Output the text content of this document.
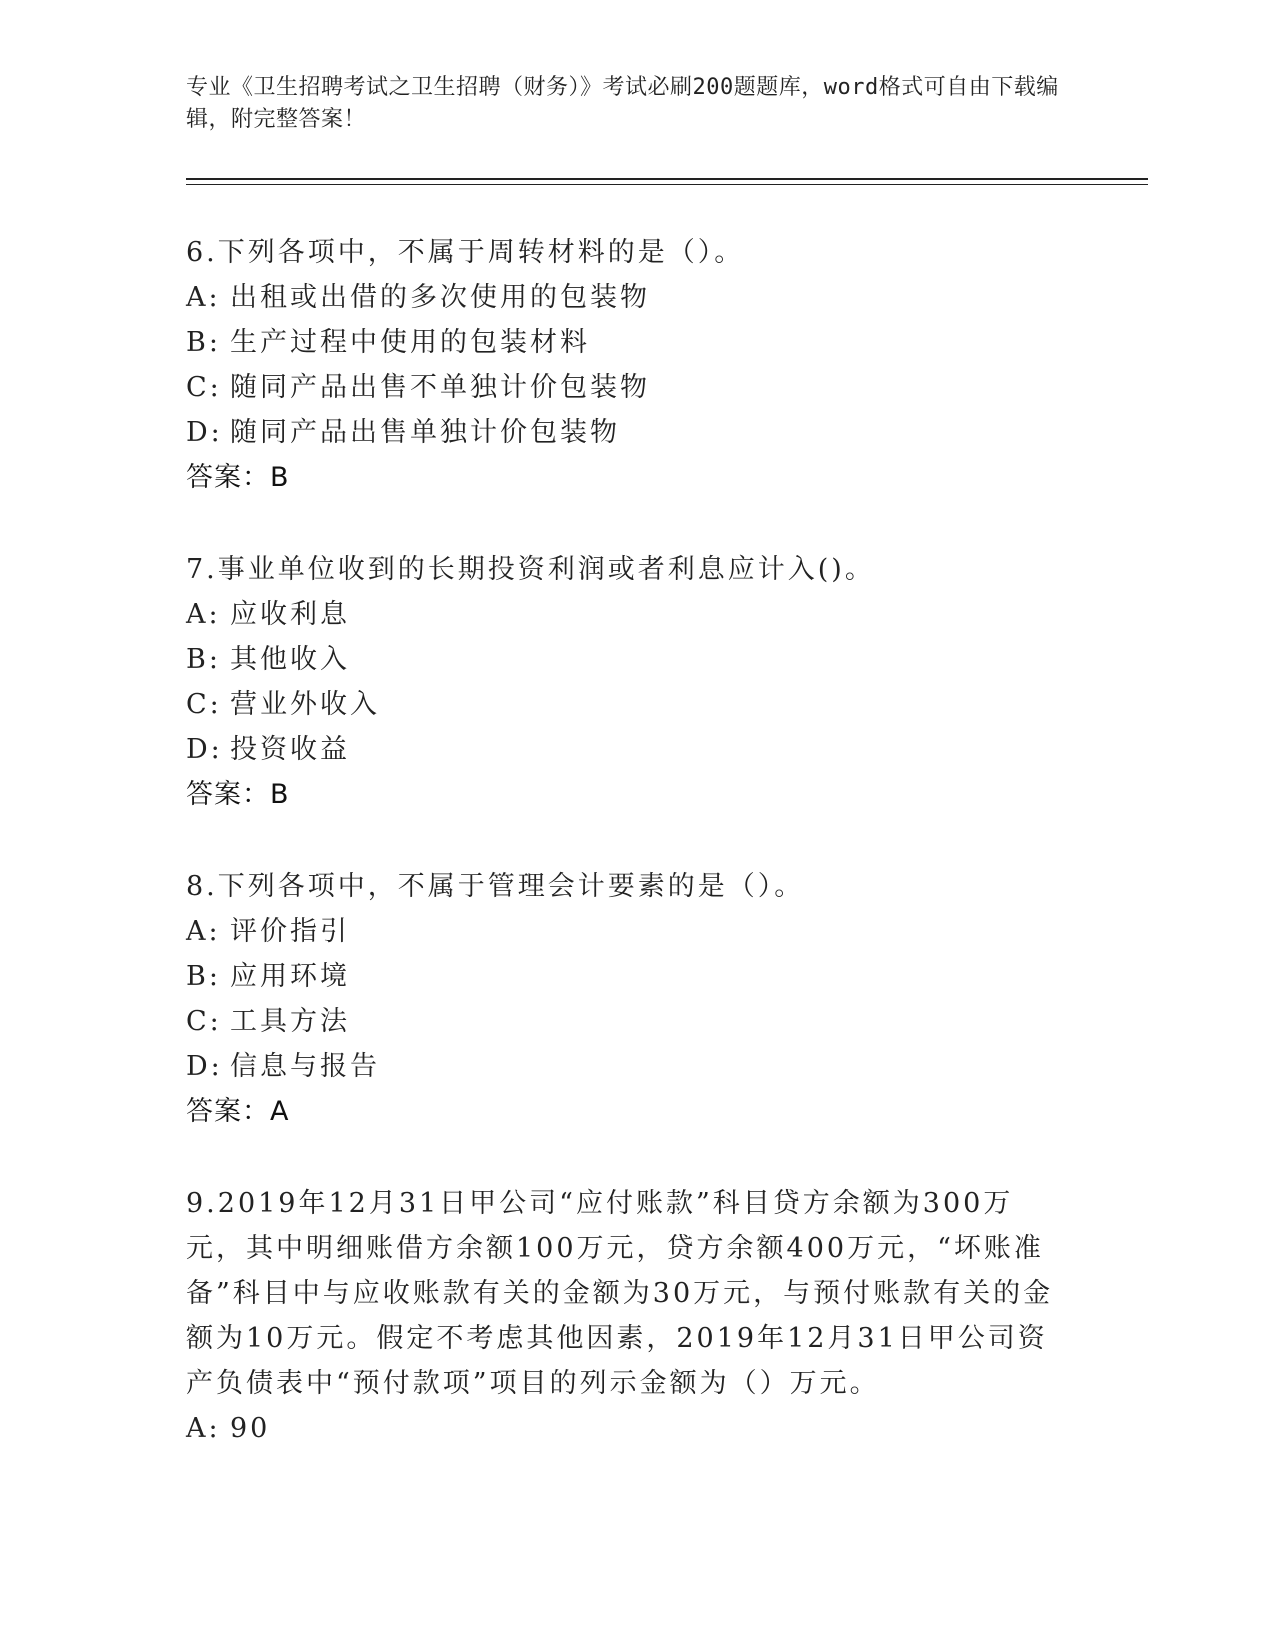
专业《卫生招聘考试之卫生招聘（财务）》考试必刷200题题库，word格式可自由下载编辑，附完整答案！
6.下列各项中，不属于周转材料的是（）。
A: 出租或出借的多次使用的包装物
B: 生产过程中使用的包装材料
C: 随同产品出售不单独计价包装物
D: 随同产品出售单独计价包装物
答案：B
7.事业单位收到的长期投资利润或者利息应计入()。
A: 应收利息
B: 其他收入
C: 营业外收入
D: 投资收益
答案：B
8.下列各项中，不属于管理会计要素的是（）。
A: 评价指引
B: 应用环境
C: 工具方法
D: 信息与报告
答案：A
9.2019年12月31日甲公司“应付账款”科目贷方余额为300万元，其中明细账借方余额100万元，贷方余额400万元，“坏账准备”科目中与应收账款有关的金额为30万元，与预付账款有关的金额为10万元。假定不考虑其他因素，2019年12月31日甲公司资产负债表中“预付款项”项目的列示金额为（）万元。
A: 90
